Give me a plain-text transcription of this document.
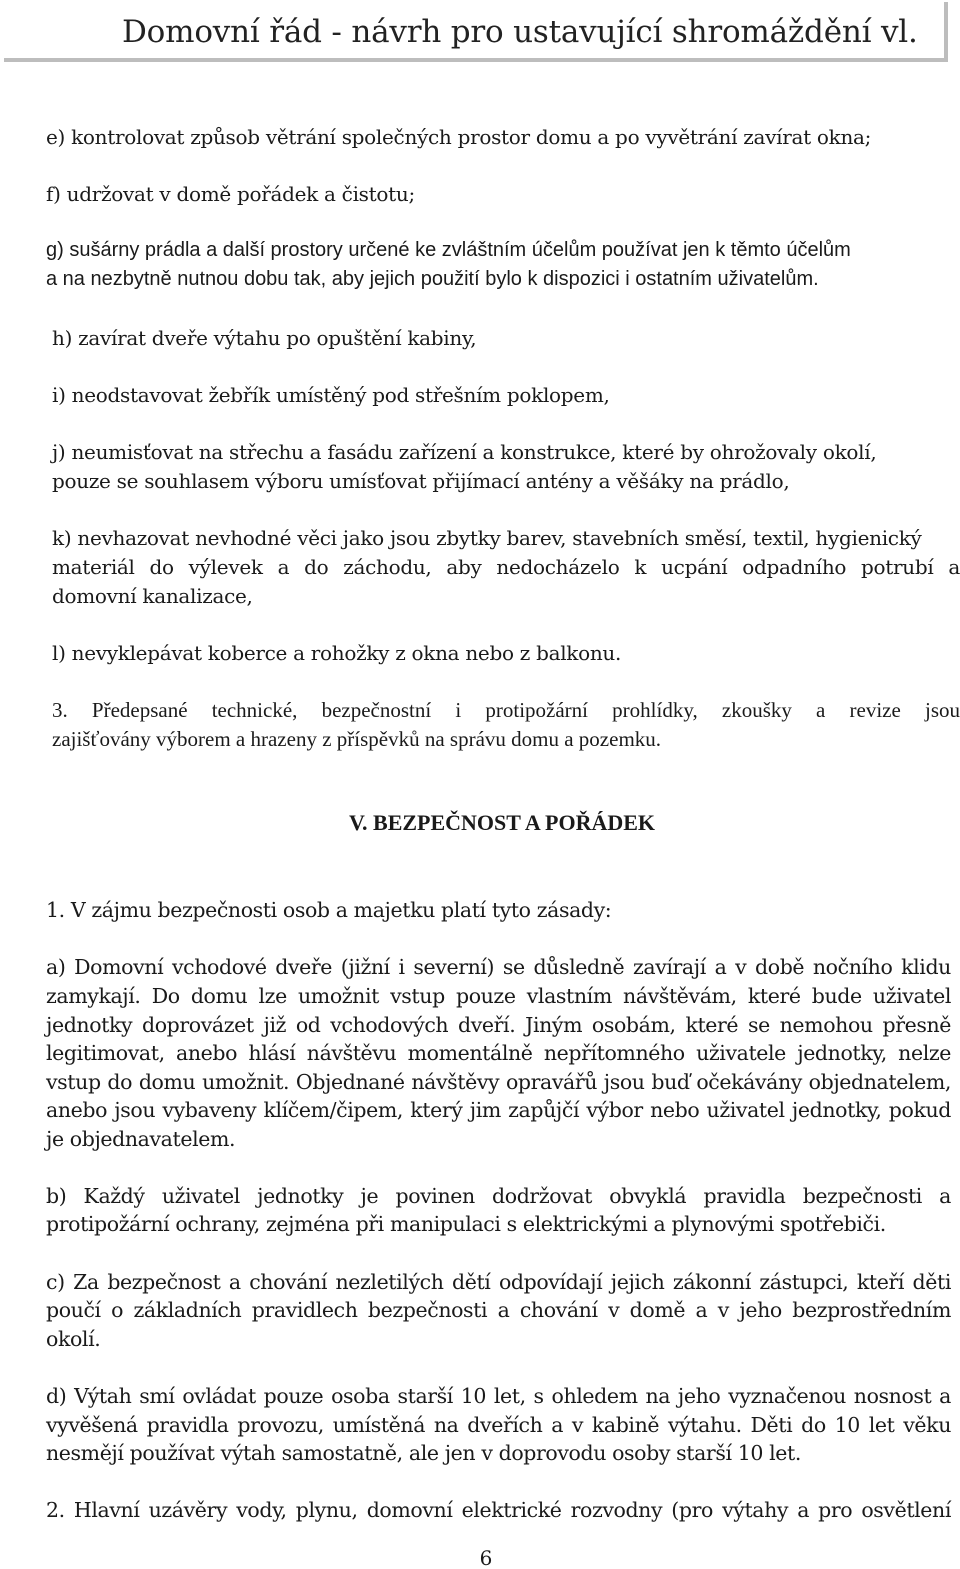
Domovní řád - návrh pro ustavující shromáždění vl.
e) kontrolovat způsob větrání společných prostor domu a po vyvětrání zavírat okna;
f) udržovat v domě pořádek a čistotu;
g) sušárny prádla a další prostory určené ke zvláštním účelům používat jen k těmto účelům
a na nezbytně nutnou dobu tak, aby jejich použití bylo k dispozici i ostatním uživatelům.
h) zavírat dveře výtahu po opuštění kabiny,
i) neodstavovat žebřík umístěný pod střešním poklopem,
j) neumisťovat na střechu a fasádu zařízení a konstrukce, které by ohrožovaly okolí,
pouze se souhlasem výboru umísťovat přijímací antény a věšáky na prádlo,
k) nevhazovat nevhodné věci jako jsou zbytky barev, stavebních směsí, textil, hygienický
materiál do výlevek a do záchodu, aby nedocházelo k ucpání odpadního potrubí a
domovní kanalizace,
l) nevyklepávat koberce a rohožky z okna nebo z balkonu.
3. Předepsané technické, bezpečnostní i protipožární prohlídky, zkoušky a revize jsou
zajišťovány výborem a hrazeny z příspěvků na správu domu a pozemku.
V. BEZPEČNOST A POŘÁDEK
1. V zájmu bezpečnosti osob a majetku platí tyto zásady:
a) Domovní vchodové dveře (jižní i severní) se důsledně zavírají a v době nočního klidu
zamykají. Do domu lze umožnit vstup pouze vlastním návštěvám, které bude uživatel
jednotky doprovázet již od vchodových dveří. Jiným osobám, které se nemohou přesně
legitimovat, anebo hlásí návštěvu momentálně nepřítomného uživatele jednotky, nelze
vstup do domu umožnit. Objednané návštěvy opravářů jsou buď očekávány objednatelem,
anebo jsou vybaveny klíčem/čipem, který jim zapůjčí výbor nebo uživatel jednotky, pokud
je objednavatelem.
b) Každý uživatel jednotky je povinen dodržovat obvyklá pravidla bezpečnosti a
protipožární ochrany, zejména při manipulaci s elektrickými a plynovými spotřebiči.
c) Za bezpečnost a chování nezletilých dětí odpovídají jejich zákonní zástupci, kteří děti
poučí o základních pravidlech bezpečnosti a chování v domě a v jeho bezprostředním
okolí.
d) Výtah smí ovládat pouze osoba starší 10 let, s ohledem na jeho vyznačenou nosnost a
vyvěšená pravidla provozu, umístěná na dveřích a v kabině výtahu. Děti do 10 let věku
nesmějí používat výtah samostatně, ale jen v doprovodu osoby starší 10 let.
2. Hlavní uzávěry vody, plynu, domovní elektrické rozvodny (pro výtahy a pro osvětlení
6
